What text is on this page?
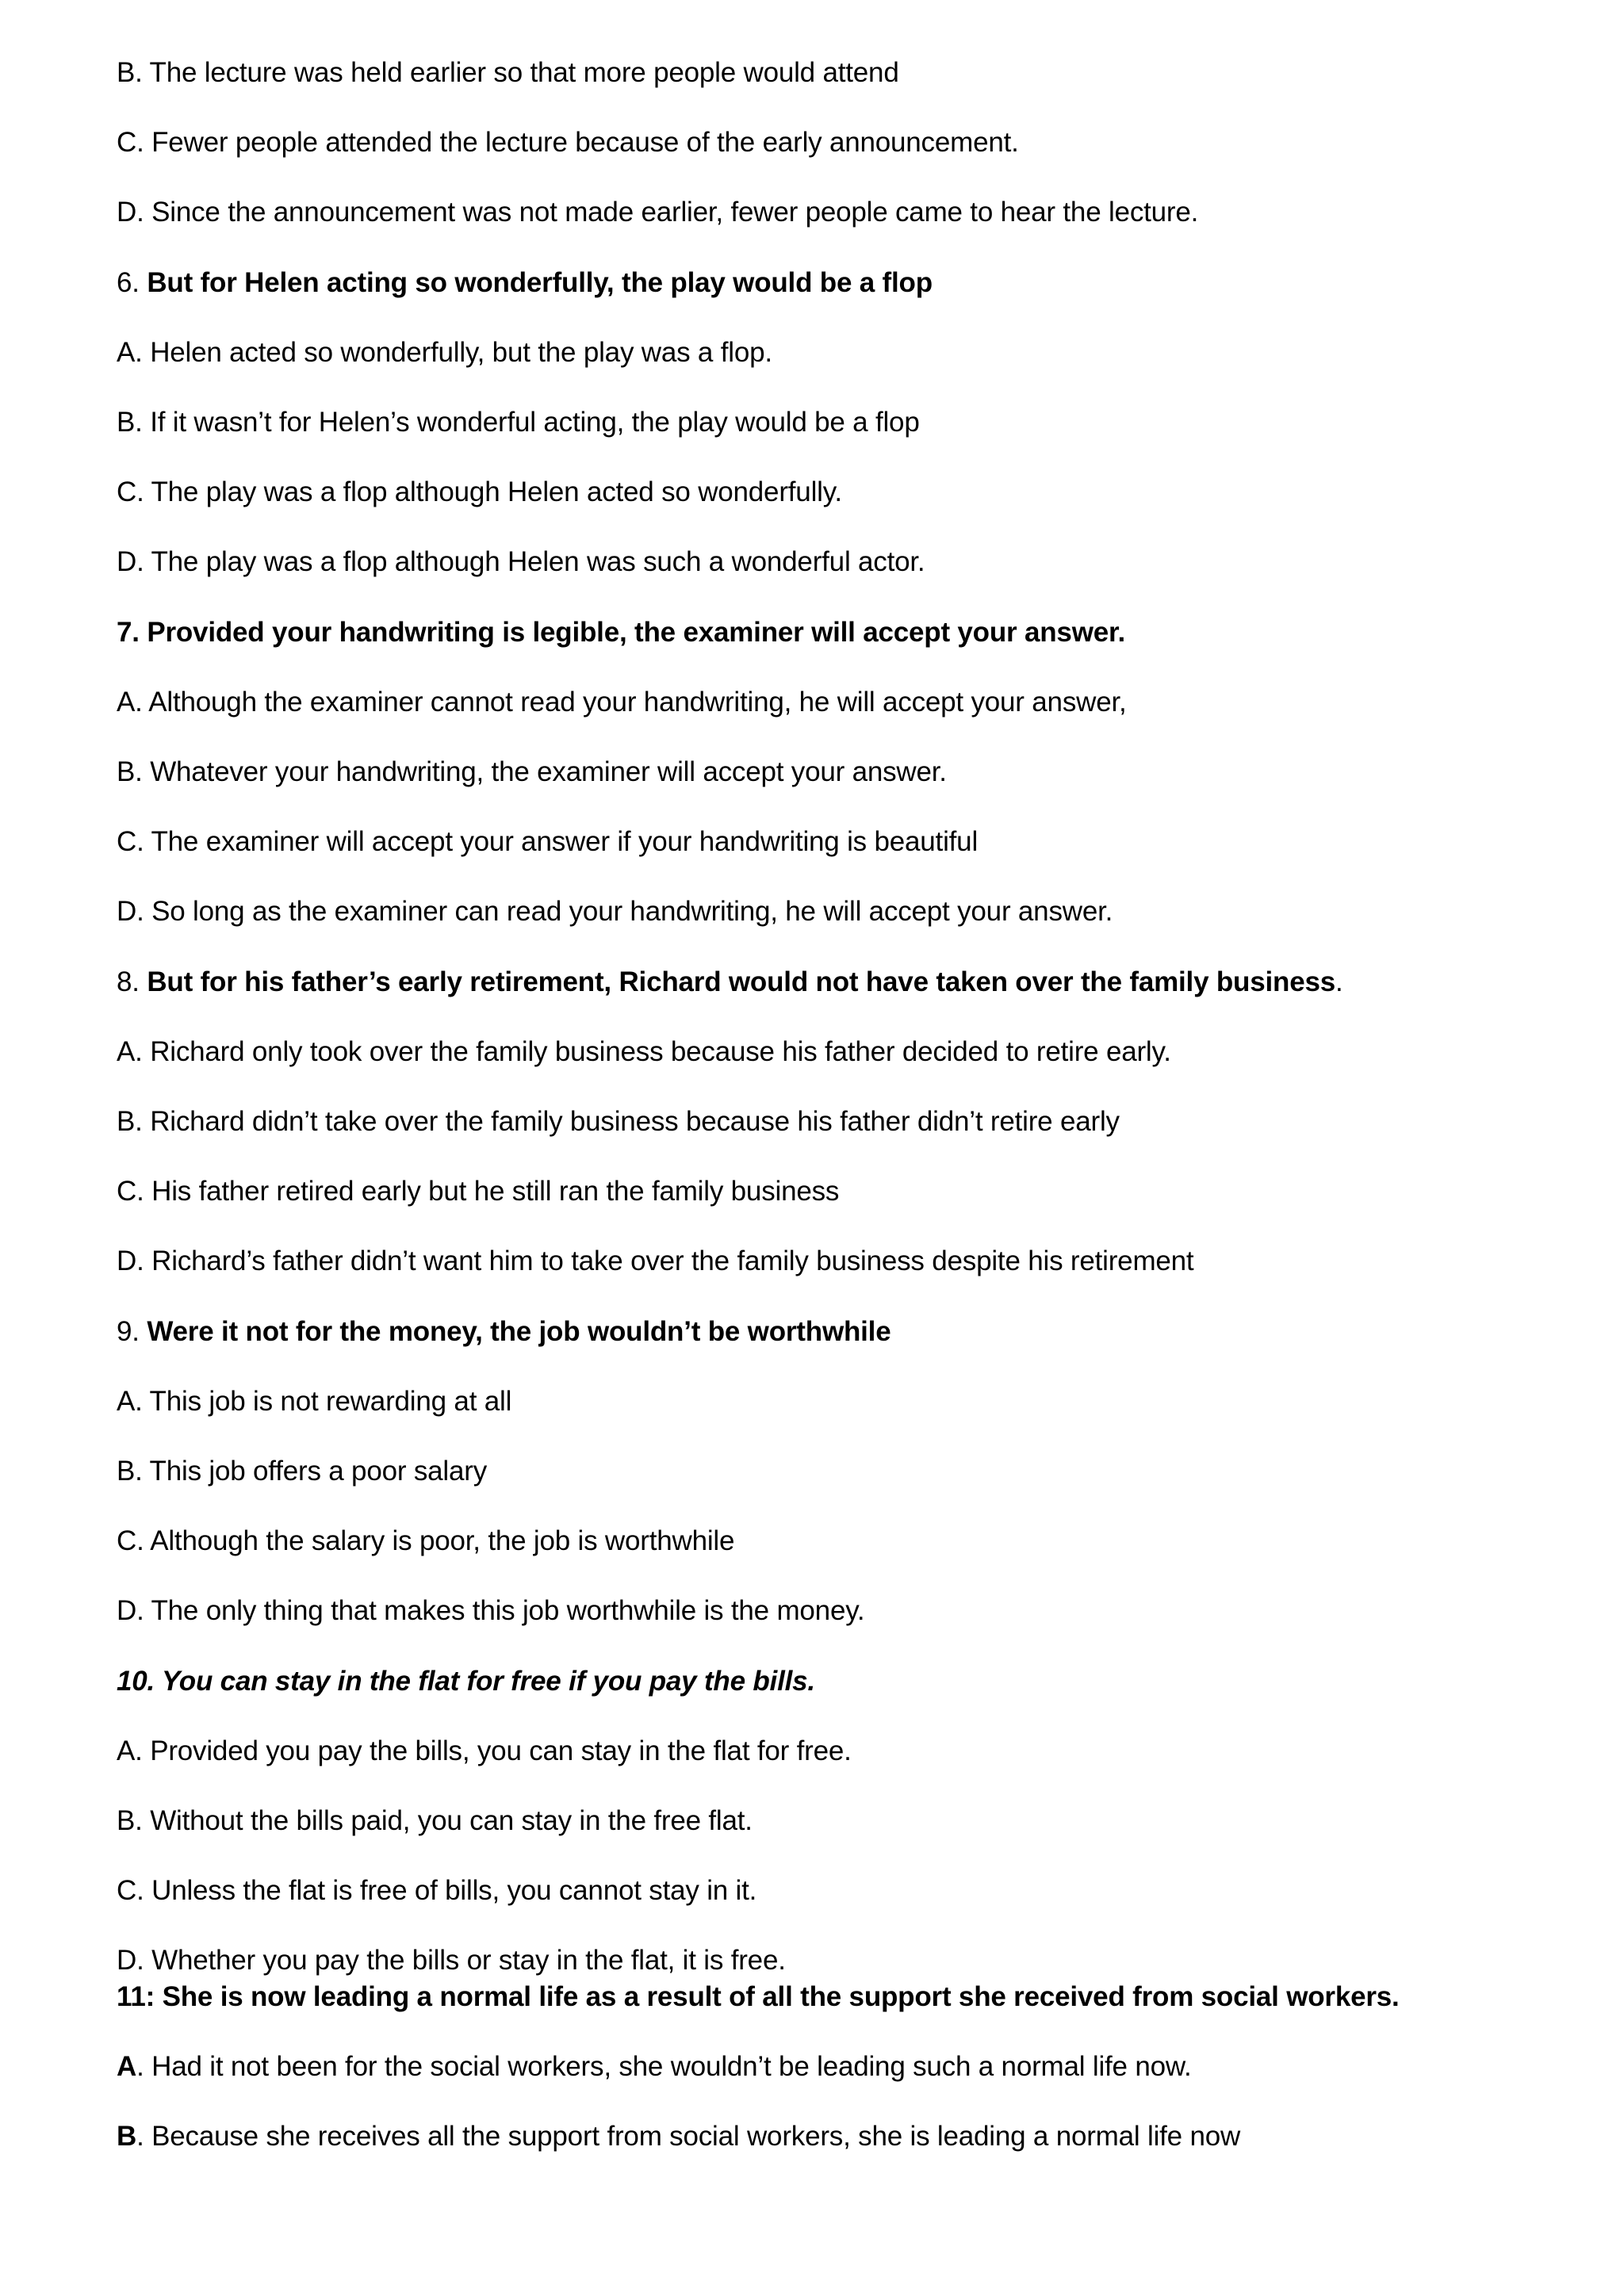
B. The lecture was held earlier so that more people would attend
C. Fewer people attended the lecture because of the early announcement.
D. Since the announcement was not made earlier, fewer people came to hear the lecture.
6. But for Helen acting so wonderfully, the play would be a flop
A. Helen acted so wonderfully, but the play was a flop.
B. If it wasn’t for Helen’s wonderful acting, the play would be a flop
C. The play was a flop although Helen acted so wonderfully.
D. The play was a flop although Helen was such a wonderful actor.
7. Provided your handwriting is legible, the examiner will accept your answer.
A. Although the examiner cannot read your handwriting, he will accept your answer,
B. Whatever your handwriting, the examiner will accept your answer.
C. The examiner will accept your answer if your handwriting is beautiful
D. So long as the examiner can read your handwriting, he will accept your answer.
8. But for his father’s early retirement, Richard would not have taken over the family business.
A. Richard only took over the family business because his father decided to retire early.
B. Richard didn’t take over the family business because his father didn’t retire early
C. His father retired early but he still ran the family business
D. Richard’s father didn’t want him to take over the family business despite his retirement
9. Were it not for the money, the job wouldn’t be worthwhile
A. This job is not rewarding at all
B. This job offers a poor salary
C. Although the salary is poor, the job is worthwhile
D. The only thing that makes this job worthwhile is the money.
10. You can stay in the flat for free if you pay the bills.
A. Provided you pay the bills, you can stay in the flat for free.
B. Without the bills paid, you can stay in the free flat.
C. Unless the flat is free of bills, you cannot stay in it.
D. Whether you pay the bills or stay in the flat, it is free.
11: She is now leading a normal life as a result of all the support she received from social workers.
A. Had it not been for the social workers, she wouldn’t be leading such a normal life now.
B. Because she receives all the support from social workers, she is leading a normal life now
